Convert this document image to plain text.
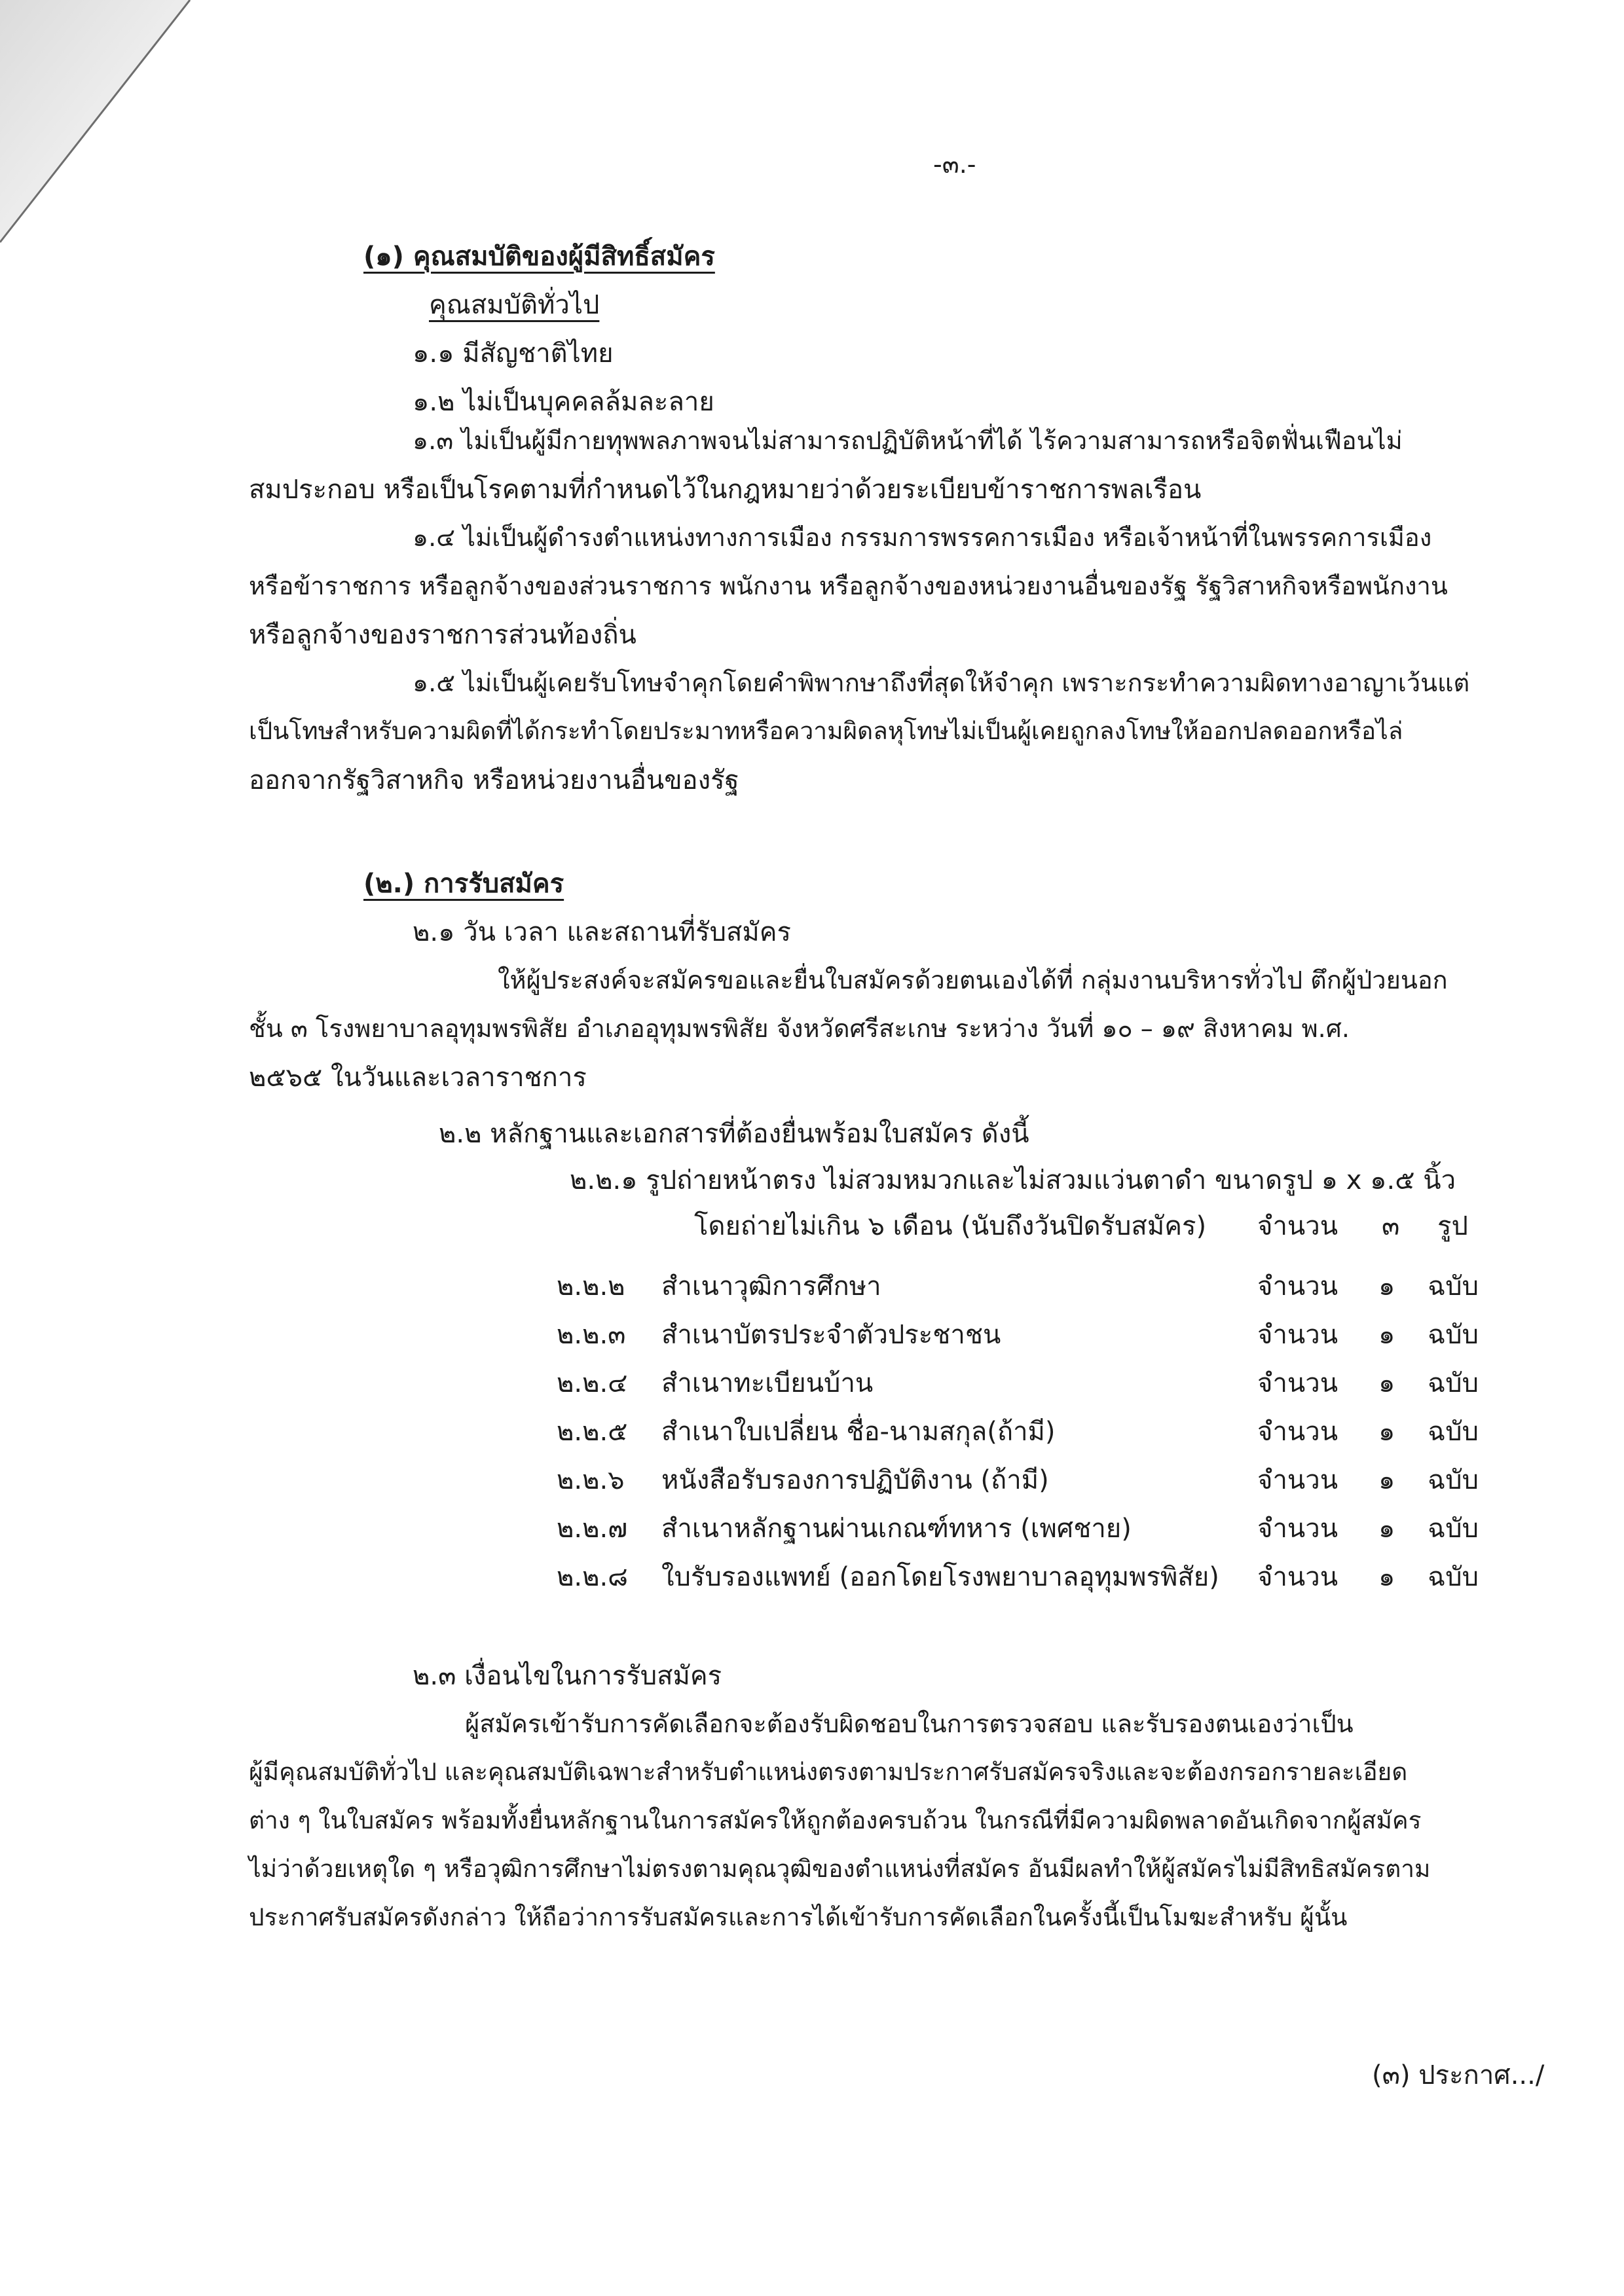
-๓.-
(๑) คุณสมบัติของผู้มีสิทธิ์สมัคร
คุณสมบัติทั่วไป
๑.๑ มีสัญชาติไทย
๑.๒ ไม่เป็นบุคคลล้มละลาย
๑.๓ ไม่เป็นผู้มีกายทุพพลภาพจนไม่สามารถปฏิบัติหน้าที่ได้ ไร้ความสามารถหรือจิตฟั่นเฟือนไม่
สมประกอบ หรือเป็นโรคตามที่กำหนดไว้ในกฎหมายว่าด้วยระเบียบข้าราชการพลเรือน
๑.๔ ไม่เป็นผู้ดำรงตำแหน่งทางการเมือง กรรมการพรรคการเมือง หรือเจ้าหน้าที่ในพรรคการเมือง
หรือข้าราชการ หรือลูกจ้างของส่วนราชการ พนักงาน หรือลูกจ้างของหน่วยงานอื่นของรัฐ รัฐวิสาหกิจหรือพนักงาน
หรือลูกจ้างของราชการส่วนท้องถิ่น
๑.๕ ไม่เป็นผู้เคยรับโทษจำคุกโดยคำพิพากษาถึงที่สุดให้จำคุก เพราะกระทำความผิดทางอาญาเว้นแต่
เป็นโทษสำหรับความผิดที่ได้กระทำโดยประมาทหรือความผิดลหุโทษไม่เป็นผู้เคยถูกลงโทษให้ออกปลดออกหรือไล่
ออกจากรัฐวิสาหกิจ หรือหน่วยงานอื่นของรัฐ
(๒.) การรับสมัคร
๒.๑ วัน เวลา และสถานที่รับสมัคร
ให้ผู้ประสงค์จะสมัครขอและยื่นใบสมัครด้วยตนเองได้ที่ กลุ่มงานบริหารทั่วไป ตึกผู้ป่วยนอก
ชั้น ๓ โรงพยาบาลอุทุมพรพิสัย อำเภออุทุมพรพิสัย จังหวัดศรีสะเกษ ระหว่าง วันที่ ๑๐ – ๑๙ สิงหาคม พ.ศ.
๒๕๖๕ ในวันและเวลาราชการ
๒.๒ หลักฐานและเอกสารที่ต้องยื่นพร้อมใบสมัคร ดังนี้
๒.๒.๑ รูปถ่ายหน้าตรง ไม่สวมหมวกและไม่สวมแว่นตาดำ ขนาดรูป ๑ x ๑.๕ นิ้ว
โดยถ่ายไม่เกิน ๖ เดือน (นับถึงวันปิดรับสมัคร) จำนวน ๓ รูป
๒.๒.๒ สำเนาวุฒิการศึกษา	จำนวน ๑ ฉบับ
๒.๒.๓ สำเนาบัตรประจำตัวประชาชน	จำนวน ๑ ฉบับ
๒.๒.๔ สำเนาทะเบียนบ้าน	จำนวน ๑ ฉบับ
๒.๒.๕ สำเนาใบเปลี่ยน ชื่อ-นามสกุล(ถ้ามี)	จำนวน ๑ ฉบับ
๒.๒.๖ หนังสือรับรองการปฏิบัติงาน (ถ้ามี)	จำนวน ๑ ฉบับ
๒.๒.๗ สำเนาหลักฐานผ่านเกณฑ์ทหาร (เพศชาย)	จำนวน ๑ ฉบับ
๒.๒.๘ ใบรับรองแพทย์ (ออกโดยโรงพยาบาลอุทุมพรพิสัย) จำนวน ๑ ฉบับ
๒.๓ เงื่อนไขในการรับสมัคร
ผู้สมัครเข้ารับการคัดเลือกจะต้องรับผิดชอบในการตรวจสอบ และรับรองตนเองว่าเป็น
ผู้มีคุณสมบัติทั่วไป และคุณสมบัติเฉพาะสำหรับตำแหน่งตรงตามประกาศรับสมัครจริงและจะต้องกรอกรายละเอียด
ต่าง ๆ ในใบสมัคร พร้อมทั้งยื่นหลักฐานในการสมัครให้ถูกต้องครบถ้วน ในกรณีที่มีความผิดพลาดอันเกิดจากผู้สมัคร
ไม่ว่าด้วยเหตุใด ๆ หรือวุฒิการศึกษาไม่ตรงตามคุณวุฒิของตำแหน่งที่สมัคร อันมีผลทำให้ผู้สมัครไม่มีสิทธิสมัครตาม
ประกาศรับสมัครดังกล่าว ให้ถือว่าการรับสมัครและการได้เข้ารับการคัดเลือกในครั้งนี้เป็นโมฆะสำหรับ ผู้นั้น
(๓) ประกาศ.../
